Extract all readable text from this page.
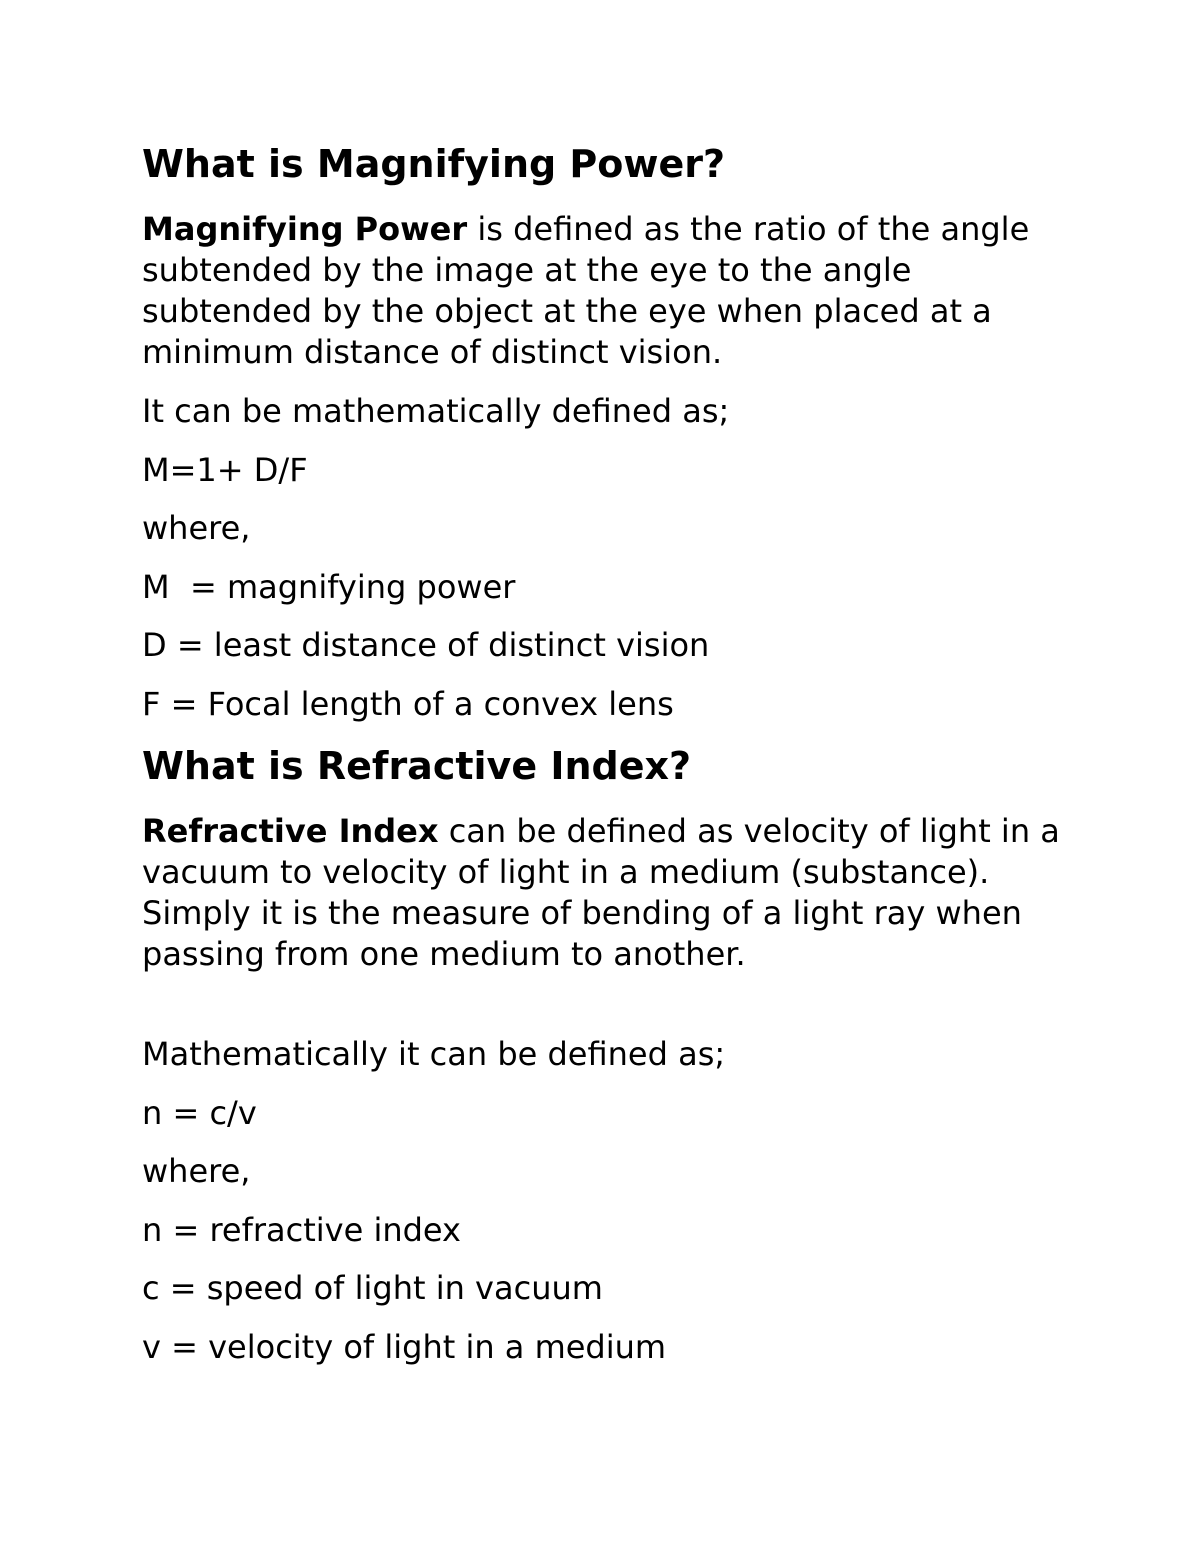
What is Magnifying Power?

Magnifying Power is defined as the ratio of the angle subtended by the image at the eye to the angle subtended by the object at the eye when placed at a minimum distance of distinct vision.

It can be mathematically defined as;

M=1+ D/F

where,

M  = magnifying power

D = least distance of distinct vision

F = Focal length of a convex lens

What is Refractive Index?

Refractive Index can be defined as velocity of light in a vacuum to velocity of light in a medium (substance). Simply it is the measure of bending of a light ray when passing from one medium to another.

Mathematically it can be defined as;

n = c/v

where,

n = refractive index

c = speed of light in vacuum

v = velocity of light in a medium
